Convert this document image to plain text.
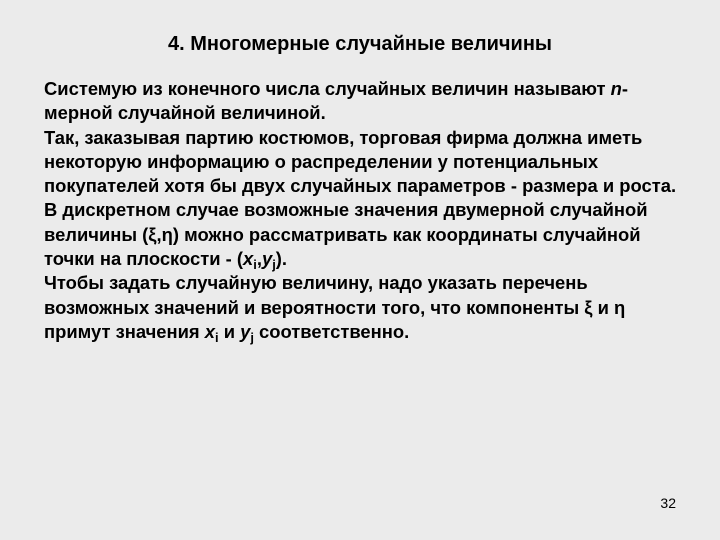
4. Многомерные случайные величины

Системую из конечного числа случайных величин называют n-мерной случайной величиной.

Так, заказывая партию костюмов, торговая фирма должна иметь некоторую информацию о распределении у потенциальных покупателей хотя бы двух случайных параметров - размера и роста.

В дискретном случае возможные значения двумерной случайной величины (ξ,η) можно рассматривать как координаты случайной точки на плоскости - $(x_i,y_j)$.

Чтобы задать случайную величину, надо указать перечень возможных значений и вероятности того, что компоненты ξ и η примут значения $x_i$ и $y_j$ соответственно.

32
